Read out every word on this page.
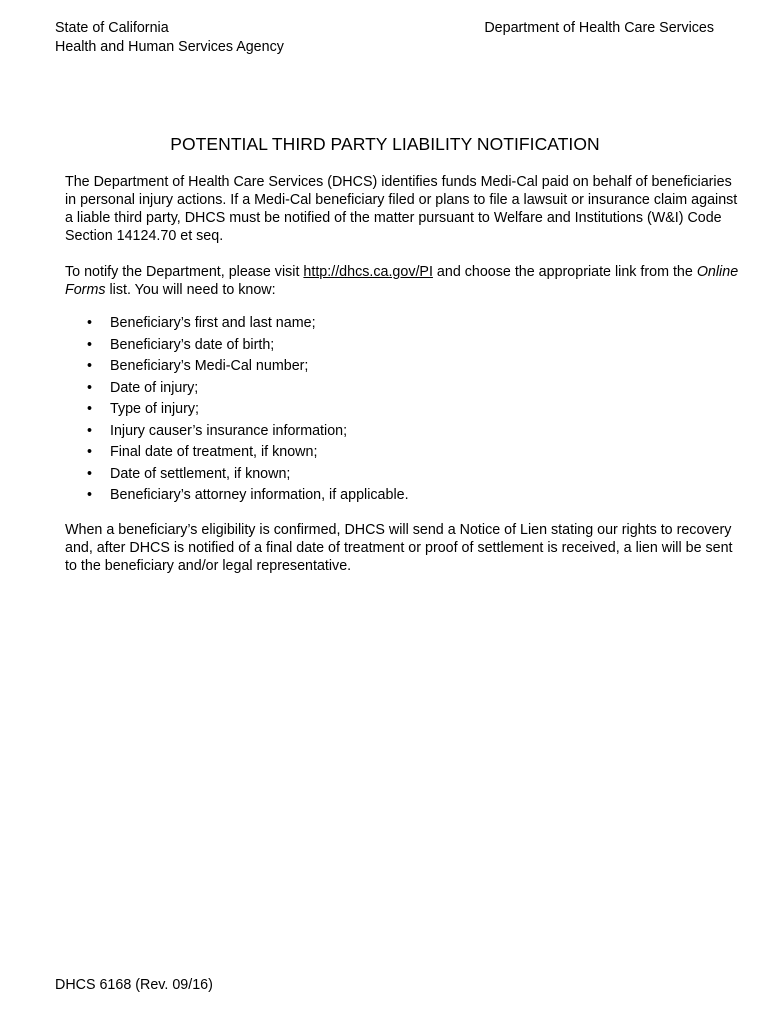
State of California
Health and Human Services Agency
Department of Health Care Services
POTENTIAL THIRD PARTY LIABILITY NOTIFICATION

The Department of Health Care Services (DHCS) identifies funds Medi-Cal paid on behalf of beneficiaries in personal injury actions. If a Medi-Cal beneficiary filed or plans to file a lawsuit or insurance claim against a liable third party, DHCS must be notified of the matter pursuant to Welfare and Institutions (W&I) Code Section 14124.70 et seq.

To notify the Department, please visit http://dhcs.ca.gov/PI and choose the appropriate link from the Online Forms list. You will need to know:

• Beneficiary’s first and last name;
• Beneficiary’s date of birth;
• Beneficiary’s Medi-Cal number;
• Date of injury;
• Type of injury;
• Injury causer’s insurance information;
• Final date of treatment, if known;
• Date of settlement, if known;
• Beneficiary’s attorney information, if applicable.

When a beneficiary’s eligibility is confirmed, DHCS will send a Notice of Lien stating our rights to recovery and, after DHCS is notified of a final date of treatment or proof of settlement is received, a lien will be sent to the beneficiary and/or legal representative.

DHCS 6168 (Rev. 09/16)
